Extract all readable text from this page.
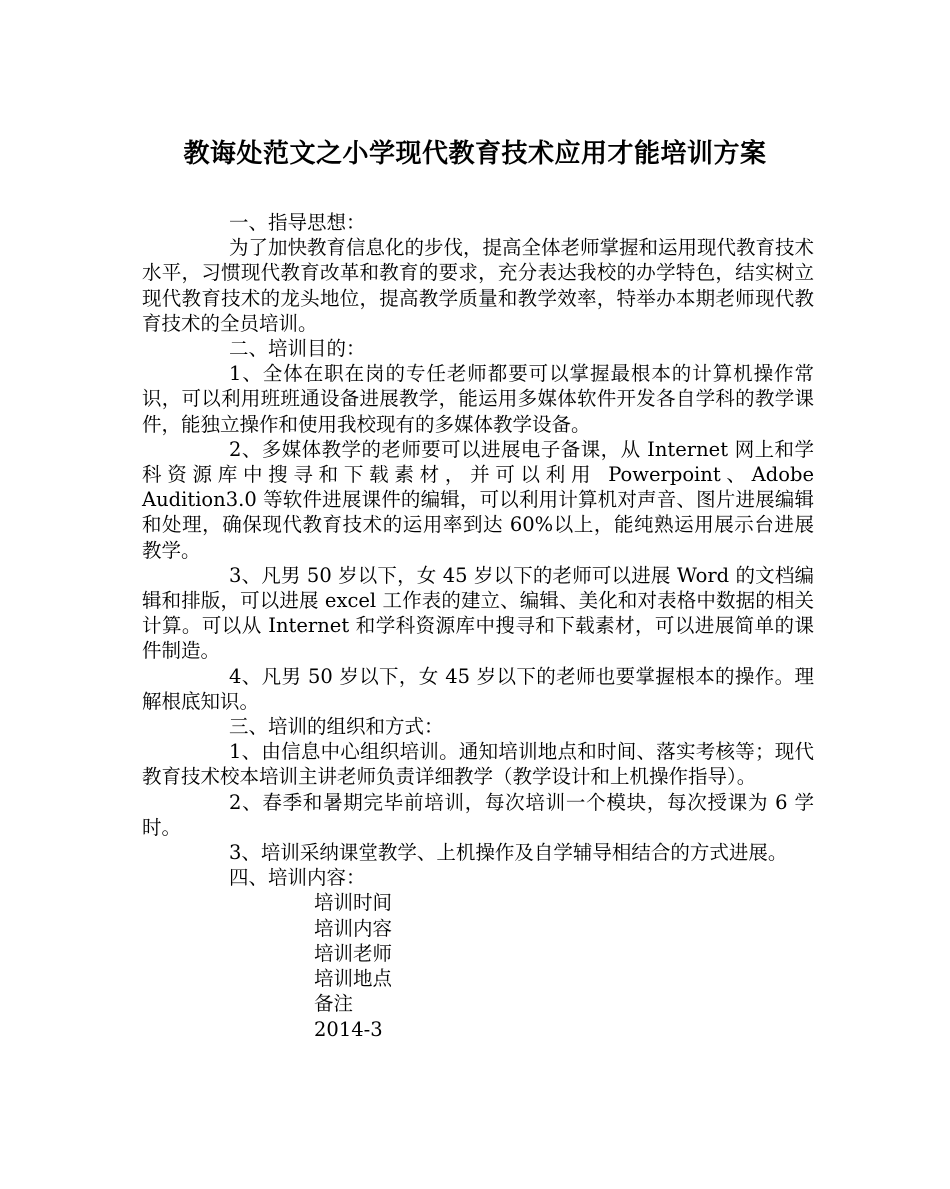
教诲处范文之小学现代教育技术应用才能培训方案

一、指导思想：

为了加快教育信息化的步伐，提高全体老师掌握和运用现代教育技术水平，习惯现代教育改革和教育的要求，充分表达我校的办学特色，结实树立现代教育技术的龙头地位，提高教学质量和教学效率，特举办本期老师现代教育技术的全员培训。

二、培训目的：

1、全体在职在岗的专任老师都要可以掌握最根本的计算机操作常识，可以利用班班通设备进展教学，能运用多媒体软件开发各自学科的教学课件，能独立操作和使用我校现有的多媒体教学设备。

2、多媒体教学的老师要可以进展电子备课，从 Internet 网上和学科资源库中搜寻和下载素材，并可以利用 Powerpoint、Adobe Audition3.0 等软件进展课件的编辑，可以利用计算机对声音、图片进展编辑和处理，确保现代教育技术的运用率到达 60%以上，能纯熟运用展示台进展教学。

3、凡男 50 岁以下，女 45 岁以下的老师可以进展 Word 的文档编辑和排版，可以进展 excel 工作表的建立、编辑、美化和对表格中数据的相关计算。可以从 Internet 和学科资源库中搜寻和下载素材，可以进展简单的课件制造。

4、凡男 50 岁以下，女 45 岁以下的老师也要掌握根本的操作。理解根底知识。

三、培训的组织和方式：

1、由信息中心组织培训。通知培训地点和时间、落实考核等；现代教育技术校本培训主讲老师负责详细教学（教学设计和上机操作指导）。

2、春季和暑期完毕前培训，每次培训一个模块，每次授课为 6 学时。

3、培训采纳课堂教学、上机操作及自学辅导相结合的方式进展。

四、培训内容：

培训时间
培训内容
培训老师
培训地点
备注
2014-3
